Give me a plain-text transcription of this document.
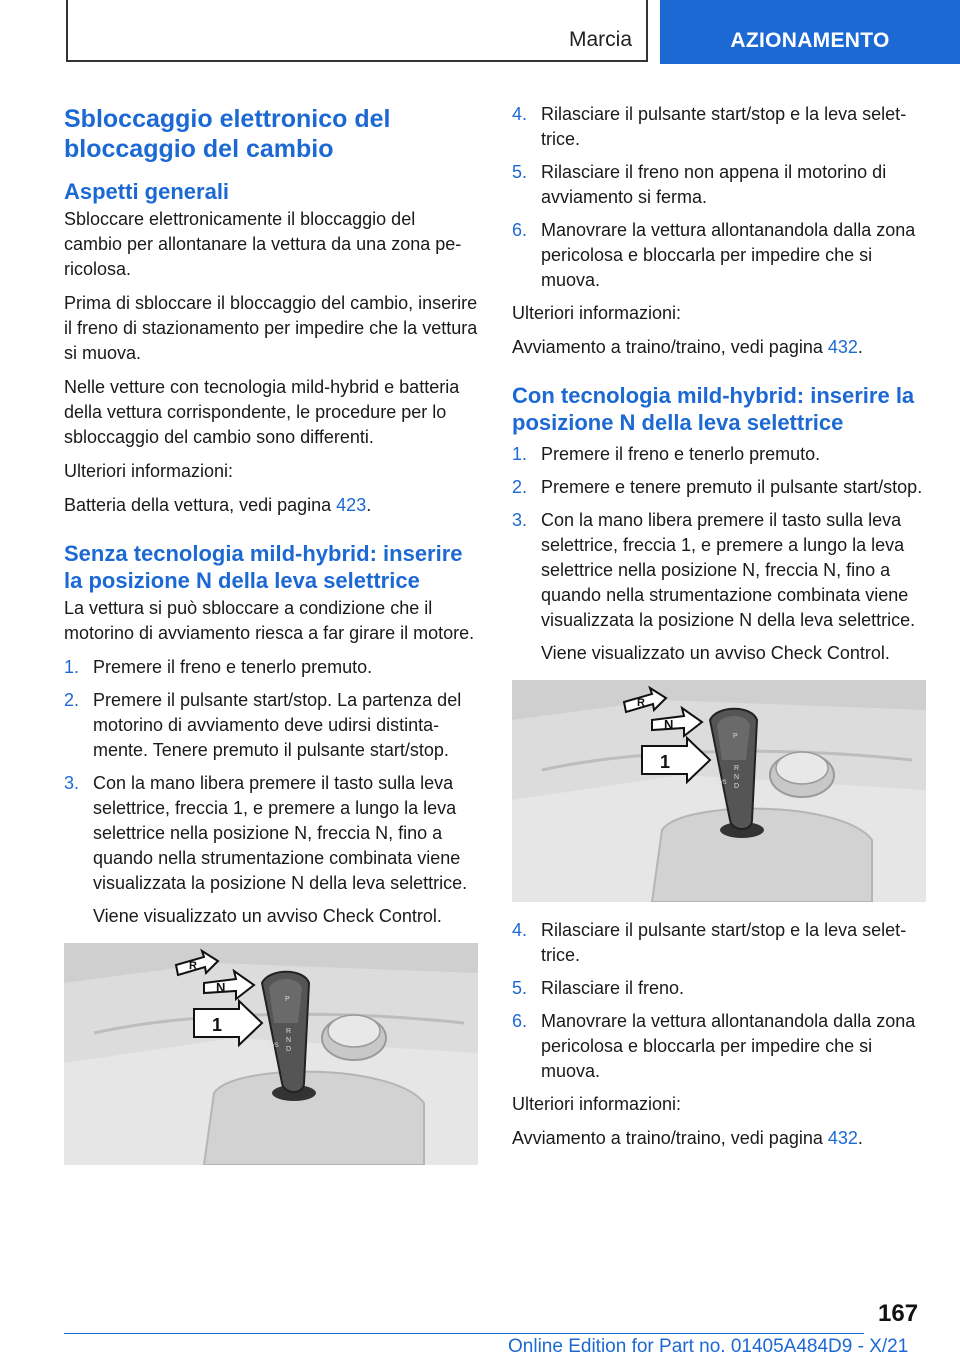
Marcia	AZIONAMENTO
Sbloccaggio elettronico del bloccaggio del cambio
Aspetti generali

Sbloccare elettronicamente il bloccaggio del cambio per allontanare la vettura da una zona pericolosa.

Prima di sbloccare il bloccaggio del cambio, inserire il freno di stazionamento per impedire che la vettura si muova.

Nelle vetture con tecnologia mild-hybrid e batteria della vettura corrispondente, le procedure per lo sbloccaggio del cambio sono differenti.

Ulteriori informazioni:

Batteria della vettura, vedi pagina 423.

Senza tecnologia mild-hybrid: inserire la posizione N della leva selettrice

La vettura si può sbloccare a condizione che il motorino di avviamento riesca a far girare il motore.

1. Premere il freno e tenerlo premuto.
2. Premere il pulsante start/stop. La partenza del motorino di avviamento deve udirsi distintamente. Tenere premuto il pulsante start/stop.
3. Con la mano libera premere il tasto sulla leva selettrice, freccia 1, e premere a lungo la leva selettrice nella posizione N, freccia N, fino a quando nella strumentazione combinata viene visualizzata la posizione N della leva selettrice.

Viene visualizzato un avviso Check Control.

P
R
N
D
M/S
R
N
1
4. Rilasciare il pulsante start/stop e la leva selettrice.
5. Rilasciare il freno non appena il motorino di avviamento si ferma.
6. Manovrare la vettura allontanandola dalla zona pericolosa e bloccarla per impedire che si muova.

Ulteriori informazioni:

Avviamento a traino/traino, vedi pagina 432.

Con tecnologia mild-hybrid: inserire la posizione N della leva selettrice
1. Premere il freno e tenerlo premuto.
2. Premere e tenere premuto il pulsante start/stop.
3. Con la mano libera premere il tasto sulla leva selettrice, freccia 1, e premere a lungo la leva selettrice nella posizione N, freccia N, fino a quando nella strumentazione combinata viene visualizzata la posizione N della leva selettrice.

Viene visualizzato un avviso Check Control.

P
R
N
D
M/S
R
N
1
4. Rilasciare il pulsante start/stop e la leva selettrice.
5. Rilasciare il freno.
6. Manovrare la vettura allontanandola dalla zona pericolosa e bloccarla per impedire che si muova.

Ulteriori informazioni:

Avviamento a traino/traino, vedi pagina 432.

167
Online Edition for Part no. 01405A484D9 - X/21
